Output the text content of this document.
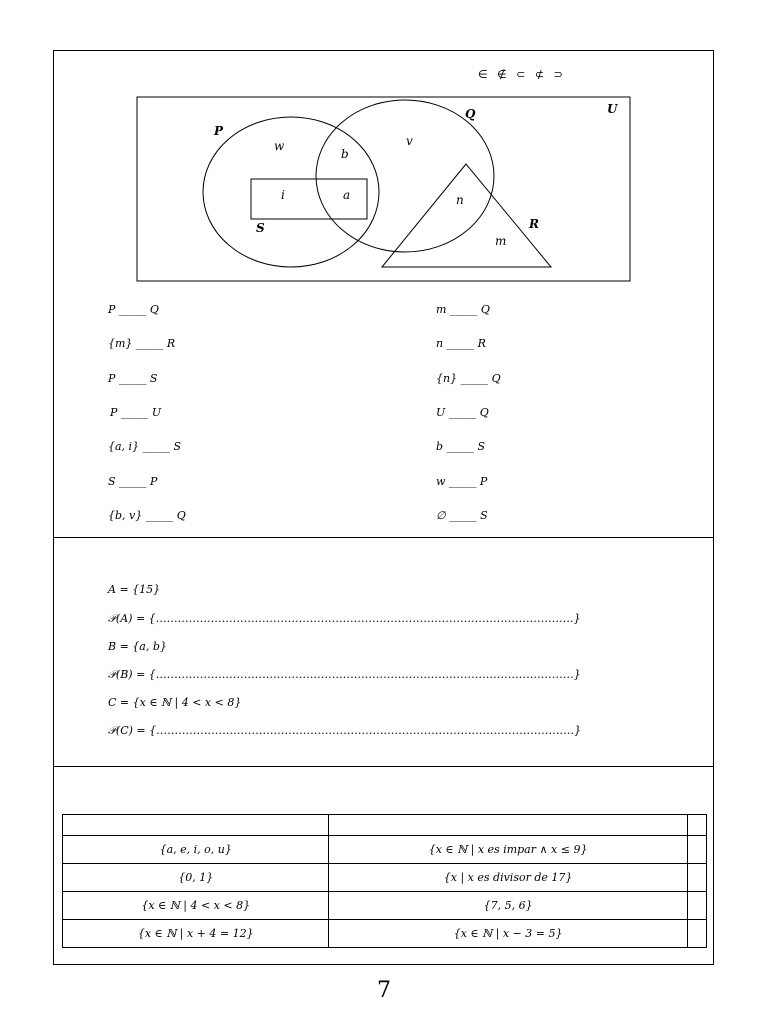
∈ ∉ ⊂ ⊄ ⊃
P
Q	U
R
S
w
b
v
i	a	n
m
P _____ Q
{m} _____ R
P _____ S
P _____ U
{a, i} _____ S
S _____ P
{b, v} _____ Q
m _____ Q
n _____ R
{n} _____ Q
U _____ Q
b _____ S
w _____ P
∅ _____ S
A = {15}
𝒫(A) = {……………………………………………………………………………………………………}
B = {a, b}
𝒫(B) = {……………………………………………………………………………………………………}
C = {x ∈ ℕ | 4 < x < 8}
𝒫(C) = {……………………………………………………………………………………………………}

{a, e, i, o, u}	{x ∈ ℕ | x es impar ∧ x ≤ 9}	
{0, 1}	{x | x es divisor de 17}	
{x ∈ ℕ | 4 < x < 8}	{7, 5, 6}	
{x ∈ ℕ | x + 4 = 12}	{x ∈ ℕ | x − 3 = 5}	
7
